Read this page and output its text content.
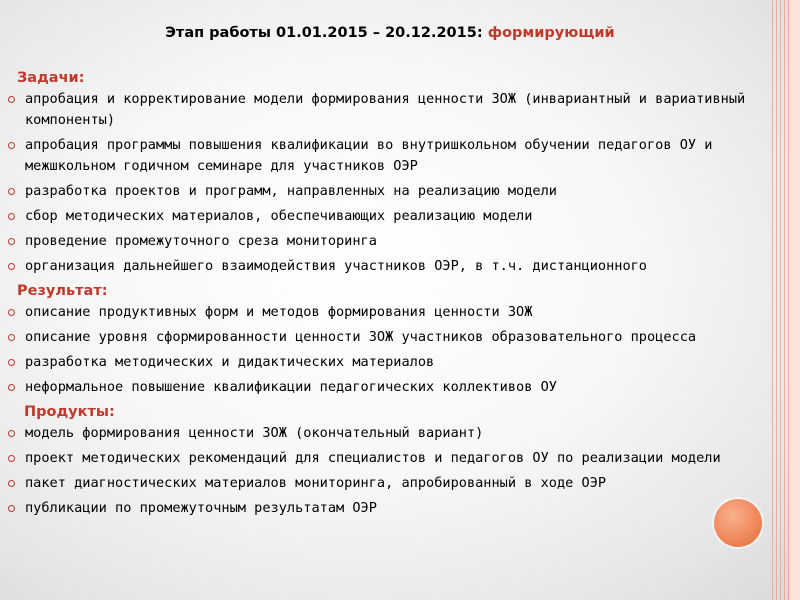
Этап работы 01.01.2015 – 20.12.2015: формирующий
Задачи:
апробация и корректирование модели формирования ценности ЗОЖ (инвариантный и вариативный компоненты)
апробация программы повышения квалификации во внутришкольном обучении педагогов ОУ и межшкольном годичном семинаре для участников ОЭР
разработка проектов и программ, направленных на реализацию модели
сбор методических материалов, обеспечивающих реализацию модели
проведение промежуточного среза мониторинга
организация дальнейшего взаимодействия участников ОЭР, в т.ч. дистанционного
Результат:
описание продуктивных форм и методов формирования ценности ЗОЖ
описание уровня сформированности ценности ЗОЖ участников образовательного процесса
разработка методических и дидактических материалов
неформальное повышение квалификации педагогических коллективов ОУ
Продукты:
модель формирования ценности ЗОЖ (окончательный вариант)
проект методических рекомендаций для специалистов и педагогов ОУ по реализации модели
пакет диагностических материалов мониторинга, апробированный в ходе ОЭР
публикации по промежуточным результатам ОЭР
